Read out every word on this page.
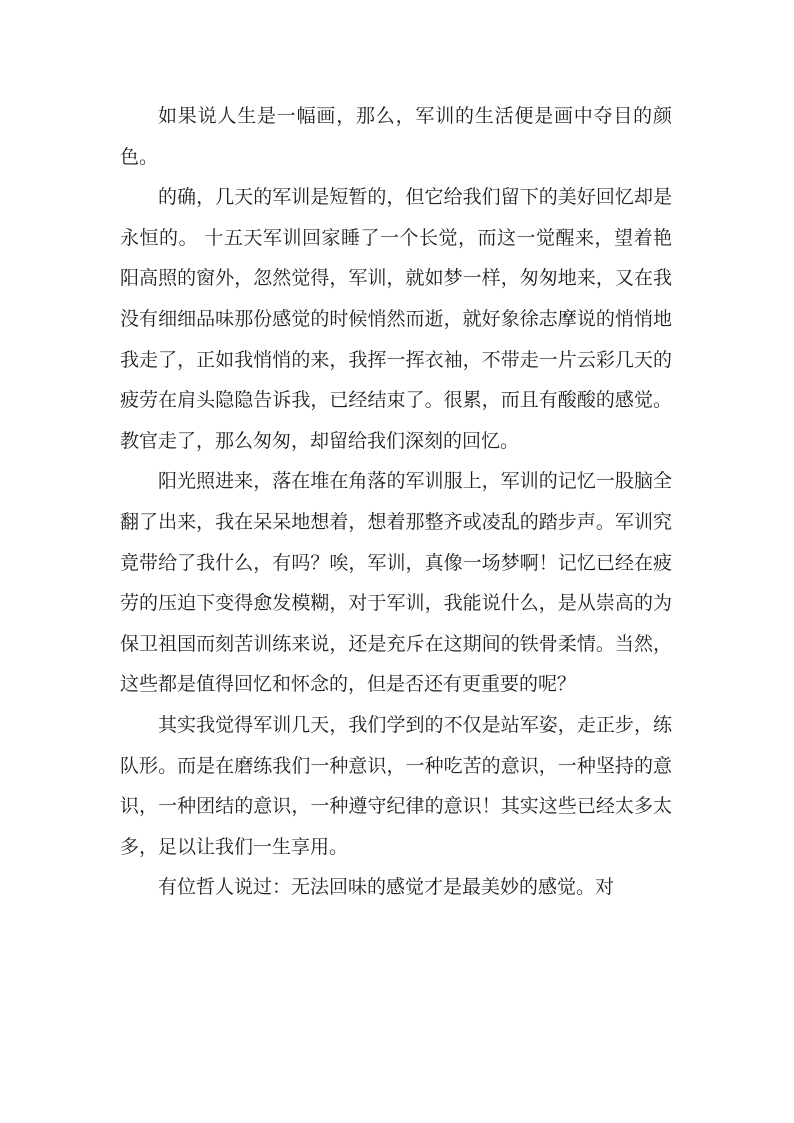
如果说人生是一幅画，那么，军训的生活便是画中夺目的颜色。

的确，几天的军训是短暂的，但它给我们留下的美好回忆却是永恒的。 十五天军训回家睡了一个长觉，而这一觉醒来，望着艳阳高照的窗外，忽然觉得，军训，就如梦一样，匆匆地来，又在我没有细细品味那份感觉的时候悄然而逝，就好象徐志摩说的悄悄地我走了，正如我悄悄的来，我挥一挥衣袖，不带走一片云彩几天的疲劳在肩头隐隐告诉我，已经结束了。很累，而且有酸酸的感觉。教官走了，那么匆匆，却留给我们深刻的回忆。

阳光照进来，落在堆在角落的军训服上，军训的记忆一股脑全翻了出来，我在呆呆地想着，想着那整齐或凌乱的踏步声。军训究竟带给了我什么，有吗？唉，军训，真像一场梦啊！记忆已经在疲劳的压迫下变得愈发模糊，对于军训，我能说什么，是从崇高的为保卫祖国而刻苦训练来说，还是充斥在这期间的铁骨柔情。当然，这些都是值得回忆和怀念的，但是否还有更重要的呢？

其实我觉得军训几天，我们学到的不仅是站军姿，走正步，练队形。而是在磨练我们一种意识，一种吃苦的意识，一种坚持的意识，一种团结的意识，一种遵守纪律的意识！其实这些已经太多太多，足以让我们一生享用。

有位哲人说过：无法回味的感觉才是最美妙的感觉。对
